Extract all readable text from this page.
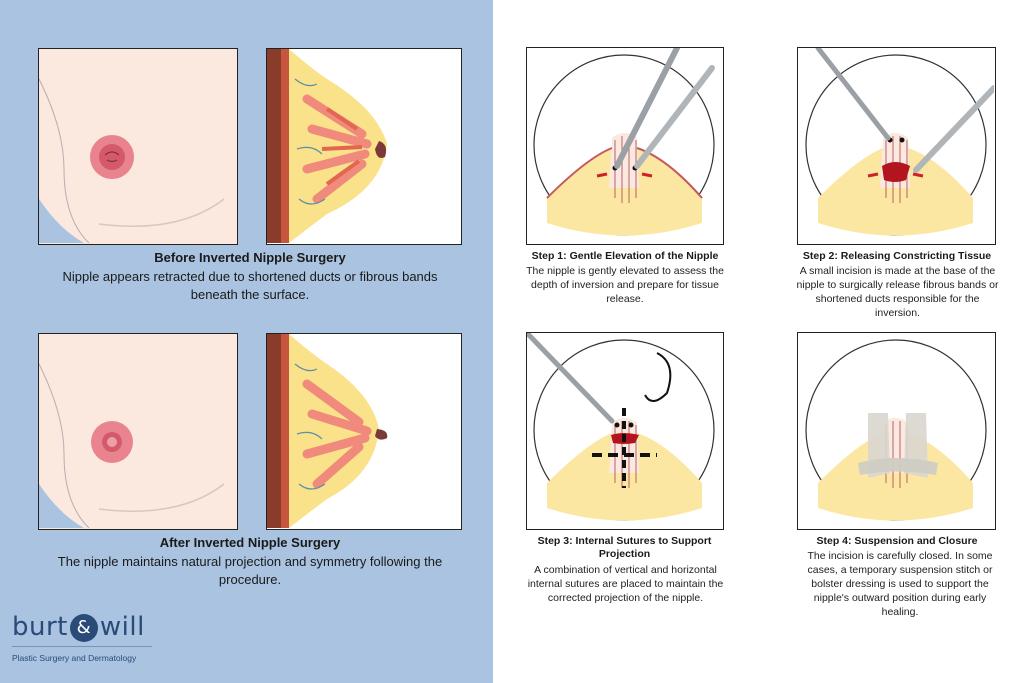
Before Inverted Nipple Surgery
Nipple appears retracted due to shortened ducts or fibrous bands beneath the surface.
After Inverted Nipple Surgery
The nipple maintains natural projection and symmetry following the procedure.
burt & will
Plastic Surgery and Dermatology
Step 1: Gentle Elevation of the Nipple
The nipple is gently elevated to assess the depth of inversion and prepare for tissue release.
Step 2: Releasing Constricting Tissue
A small incision is made at the base of the nipple to surgically release fibrous bands or shortened ducts responsible for the inversion.
Step 3: Internal Sutures to Support Projection
A combination of vertical and horizontal internal sutures are placed to maintain the corrected projection of the nipple.
Step 4: Suspension and Closure
The incision is carefully closed. In some cases, a temporary suspension stitch or bolster dressing is used to support the nipple's outward position during early healing.
